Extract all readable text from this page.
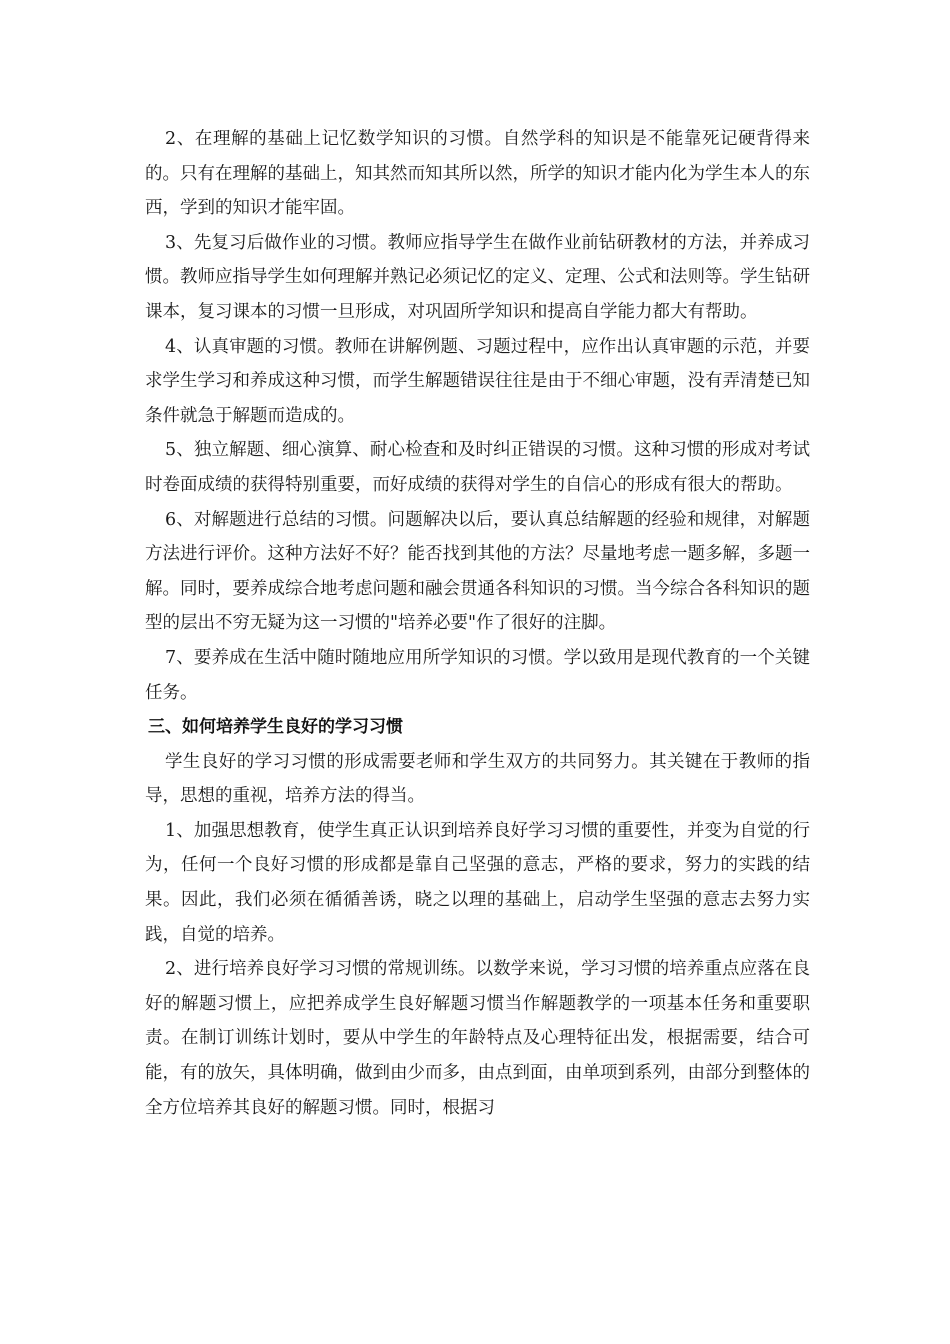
2、在理解的基础上记忆数学知识的习惯。自然学科的知识是不能靠死记硬背得来的。只有在理解的基础上，知其然而知其所以然，所学的知识才能内化为学生本人的东西，学到的知识才能牢固。

3、先复习后做作业的习惯。教师应指导学生在做作业前钻研教材的方法，并养成习惯。教师应指导学生如何理解并熟记必须记忆的定义、定理、公式和法则等。学生钻研课本，复习课本的习惯一旦形成，对巩固所学知识和提高自学能力都大有帮助。

4、认真审题的习惯。教师在讲解例题、习题过程中，应作出认真审题的示范，并要求学生学习和养成这种习惯，而学生解题错误往往是由于不细心审题，没有弄清楚已知条件就急于解题而造成的。

5、独立解题、细心演算、耐心检查和及时纠正错误的习惯。这种习惯的形成对考试时卷面成绩的获得特别重要，而好成绩的获得对学生的自信心的形成有很大的帮助。

6、对解题进行总结的习惯。问题解决以后，要认真总结解题的经验和规律，对解题方法进行评价。这种方法好不好？能否找到其他的方法？尽量地考虑一题多解，多题一解。同时，要养成综合地考虑问题和融会贯通各科知识的习惯。当今综合各科知识的题型的层出不穷无疑为这一习惯的"培养必要"作了很好的注脚。

7、要养成在生活中随时随地应用所学知识的习惯。学以致用是现代教育的一个关键任务。

三、如何培养学生良好的学习习惯

学生良好的学习习惯的形成需要老师和学生双方的共同努力。其关键在于教师的指导，思想的重视，培养方法的得当。

1、加强思想教育，使学生真正认识到培养良好学习习惯的重要性，并变为自觉的行为，任何一个良好习惯的形成都是靠自己坚强的意志，严格的要求，努力的实践的结果。因此，我们必须在循循善诱，晓之以理的基础上，启动学生坚强的意志去努力实践，自觉的培养。

2、进行培养良好学习习惯的常规训练。以数学来说，学习习惯的培养重点应落在良好的解题习惯上，应把养成学生良好解题习惯当作解题教学的一项基本任务和重要职责。在制订训练计划时，要从中学生的年龄特点及心理特征出发，根据需要，结合可能，有的放矢，具体明确，做到由少而多，由点到面，由单项到系列，由部分到整体的全方位培养其良好的解题习惯。同时，根据习
